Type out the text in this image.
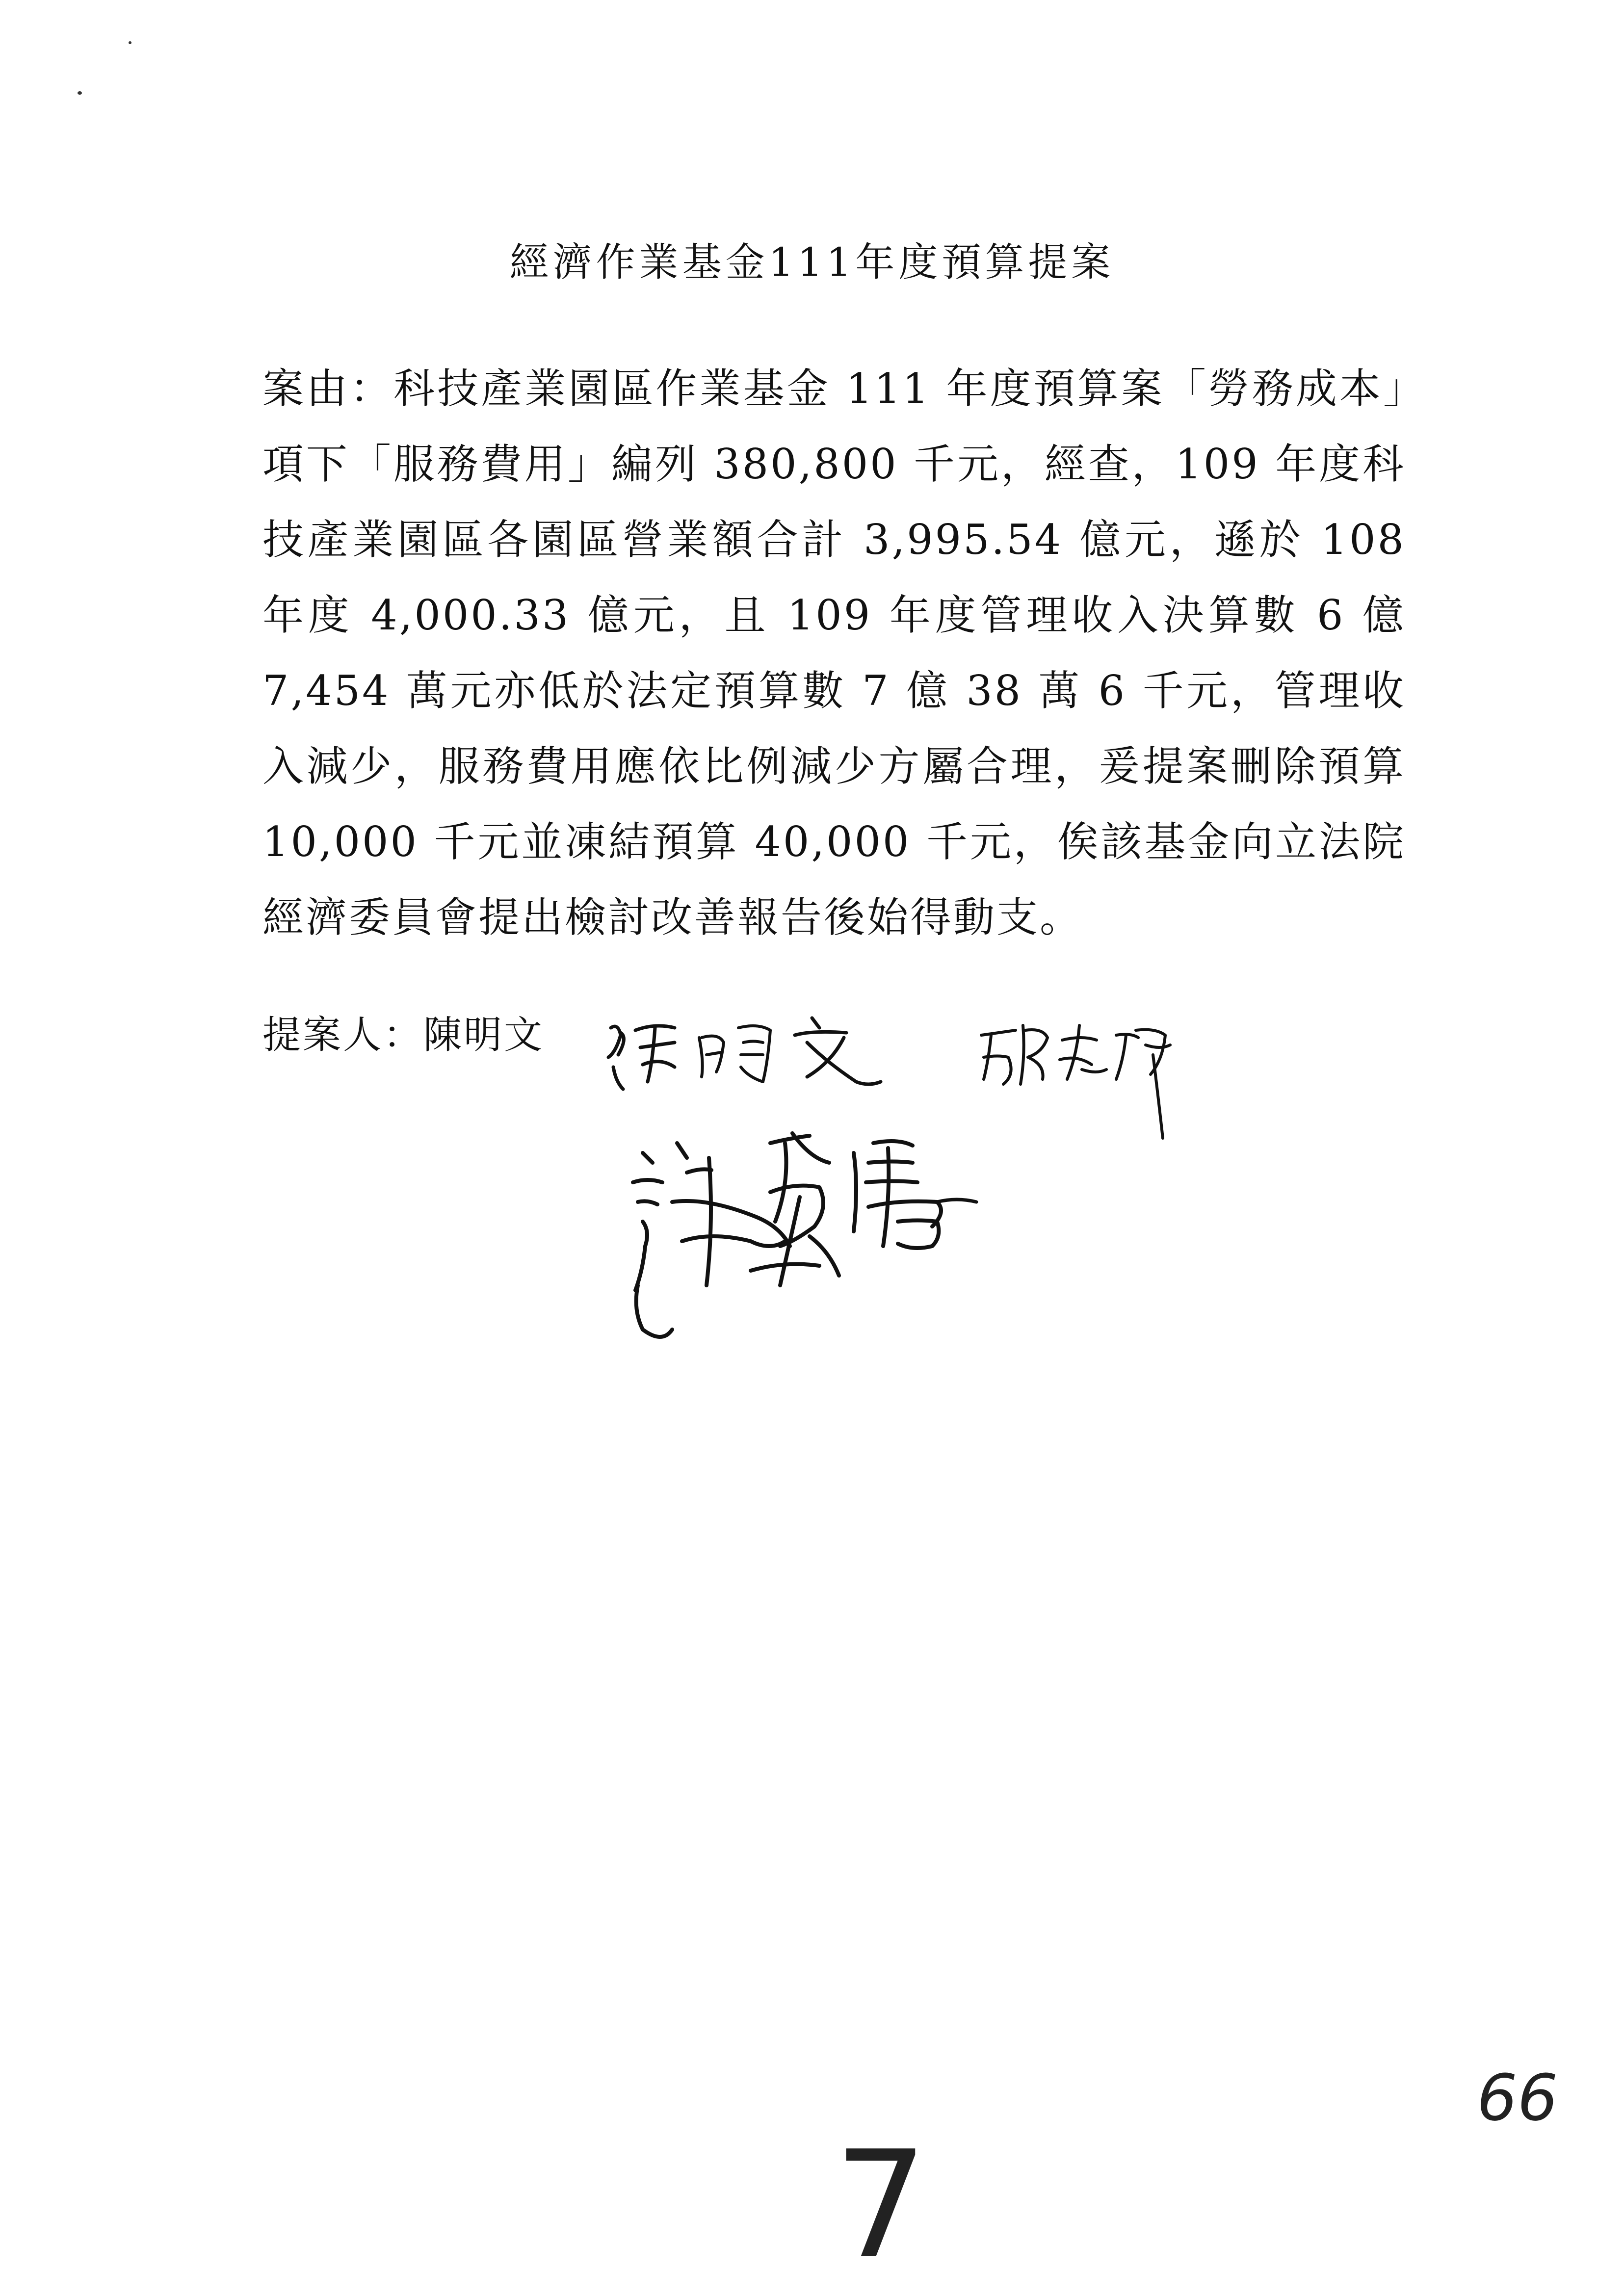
經濟作業基金111年度預算提案
案由：科技產業園區作業基金 111 年度預算案「勞務成本」項下「服務費用」編列 380,800 千元，經查，109 年度科技產業園區各園區營業額合計 3,995.54 億元，遜於 108 年度 4,000.33 億元，且 109 年度管理收入決算數 6 億 7,454 萬元亦低於法定預算數 7 億 38 萬 6 千元，管理收入減少，服務費用應依比例減少方屬合理，爰提案刪除預算 10,000 千元並凍結預算 40,000 千元，俟該基金向立法院經濟委員會提出檢討改善報告後始得動支。
提案人：陳明文
66
7
